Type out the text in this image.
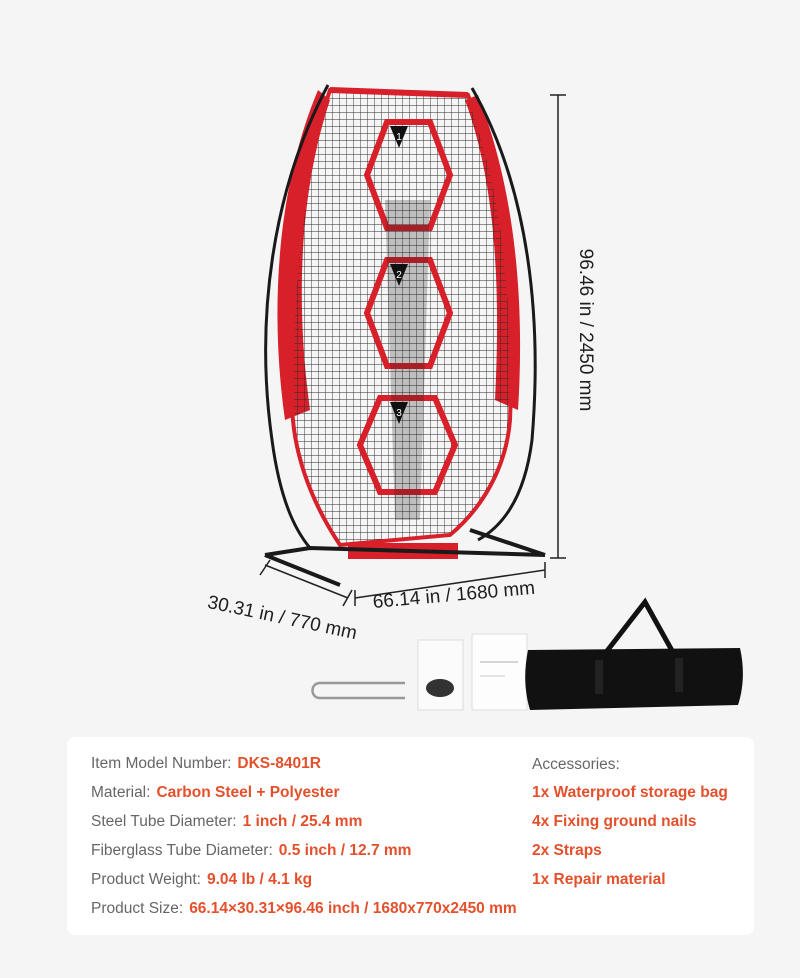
1
2
3
96.46 in / 2450 mm
30.31 in / 770 mm 66.14 in / 1680 mm
Item Model Number: DKS-8401R
Material: Carbon Steel + Polyester
Steel Tube Diameter: 1 inch / 25.4 mm
Fiberglass Tube Diameter: 0.5 inch / 12.7 mm
Product Weight: 9.04 lb / 4.1 kg
Product Size: 66.14×30.31×96.46 inch / 1680x770x2450 mm
Accessories:
1x Waterproof storage bag
4x Fixing ground nails
2x Straps
1x Repair material
